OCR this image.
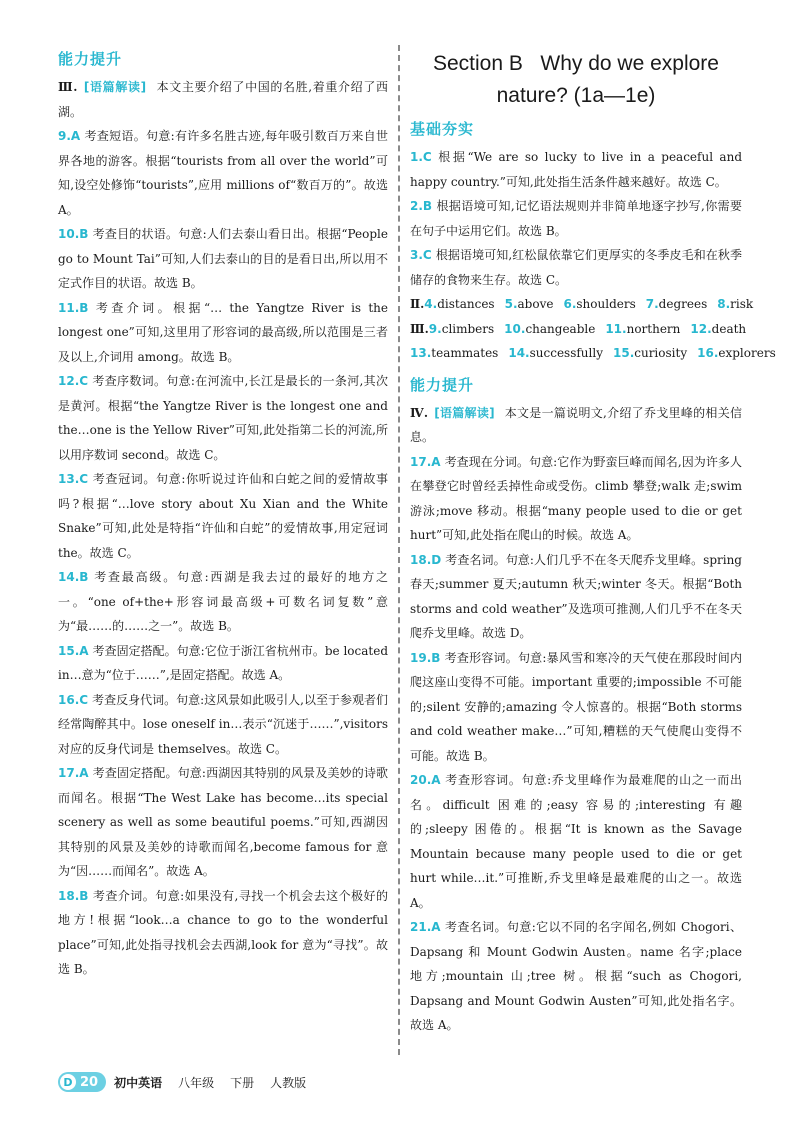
能力提升

Ⅲ. [语篇解读] 本文主要介绍了中国的名胜,着重介绍了西湖。

9.A 考查短语。句意:有许多名胜古迹,每年吸引数百万来自世界各地的游客。根据“tourists from all over the world”可知,设空处修饰“tourists”,应用 millions of“数百万的”。故选 A。

10.B 考查目的状语。句意:人们去泰山看日出。根据“People go to Mount Tai”可知,人们去泰山的目的是看日出,所以用不定式作目的状语。故选 B。

11.B 考查介词。根据“… the Yangtze River is the longest one”可知,这里用了形容词的最高级,所以范围是三者及以上,介词用 among。故选 B。

12.C 考查序数词。句意:在河流中,长江是最长的一条河,其次是黄河。根据“the Yangtze River is the longest one and the…one is the Yellow River”可知,此处指第二长的河流,所以用序数词 second。故选 C。

13.C 考查冠词。句意:你听说过许仙和白蛇之间的爱情故事吗?根据“…love story about Xu Xian and the White Snake”可知,此处是特指“许仙和白蛇”的爱情故事,用定冠词 the。故选 C。

14.B 考查最高级。句意:西湖是我去过的最好的地方之一。“one of+the+形容词最高级+可数名词复数”意为“最……的……之一”。故选 B。

15.A 考查固定搭配。句意:它位于浙江省杭州市。be located in…意为“位于……”,是固定搭配。故选 A。

16.C 考查反身代词。句意:这风景如此吸引人,以至于参观者们经常陶醉其中。lose oneself in…表示“沉迷于……”,visitors 对应的反身代词是 themselves。故选 C。

17.A 考查固定搭配。句意:西湖因其特别的风景及美妙的诗歌而闻名。根据“The West Lake has become…its special scenery as well as some beautiful poems.”可知,西湖因其特别的风景及美妙的诗歌而闻名,become famous for 意为“因……而闻名”。故选 A。

18.B 考查介词。句意:如果没有,寻找一个机会去这个极好的地方!根据“look…a chance to go to the wonderful place”可知,此处指寻找机会去西湖,look for 意为“寻找”。故选 B。

Section B   Why do we explore
nature? (1a—1e)
基础夯实

1.C 根据“We are so lucky to live in a peaceful and happy country.”可知,此处指生活条件越来越好。故选 C。

2.B 根据语境可知,记忆语法规则并非简单地逐字抄写,你需要在句子中运用它们。故选 B。

3.C 根据语境可知,红松鼠依靠它们更厚实的冬季皮毛和在秋季储存的食物来生存。故选 C。

Ⅱ.4.distances 5.above 6.shoulders 7.degrees 8.risk

Ⅲ.9.climbers 10.changeable 11.northern 12.death

13.teammates 14.successfully 15.curiosity 16.explorers

能力提升

Ⅳ. [语篇解读] 本文是一篇说明文,介绍了乔戈里峰的相关信息。

17.A 考查现在分词。句意:它作为野蛮巨峰而闻名,因为许多人在攀登它时曾经丢掉性命或受伤。climb 攀登;walk 走;swim 游泳;move 移动。根据“many people used to die or get hurt”可知,此处指在爬山的时候。故选 A。

18.D 考查名词。句意:人们几乎不在冬天爬乔戈里峰。spring 春天;summer 夏天;autumn 秋天;winter 冬天。根据“Both storms and cold weather”及选项可推测,人们几乎不在冬天爬乔戈里峰。故选 D。

19.B 考查形容词。句意:暴风雪和寒冷的天气使在那段时间内爬这座山变得不可能。important 重要的;impossible 不可能的;silent 安静的;amazing 令人惊喜的。根据“Both storms and cold weather make…”可知,糟糕的天气使爬山变得不可能。故选 B。

20.A 考查形容词。句意:乔戈里峰作为最难爬的山之一而出名。difficult 困难的;easy 容易的;interesting 有趣的;sleepy 困倦的。根据“It is known as the Savage Mountain because many people used to die or get hurt while…it.”可推断,乔戈里峰是最难爬的山之一。故选 A。

21.A 考查名词。句意:它以不同的名字闻名,例如 Chogori、Dapsang 和 Mount Godwin Austen。name 名字;place 地方;mountain 山;tree 树。根据“such as Chogori, Dapsang and Mount Godwin Austen”可知,此处指名字。故选 A。

D 20 初中英语 八年级 下册 人教版
